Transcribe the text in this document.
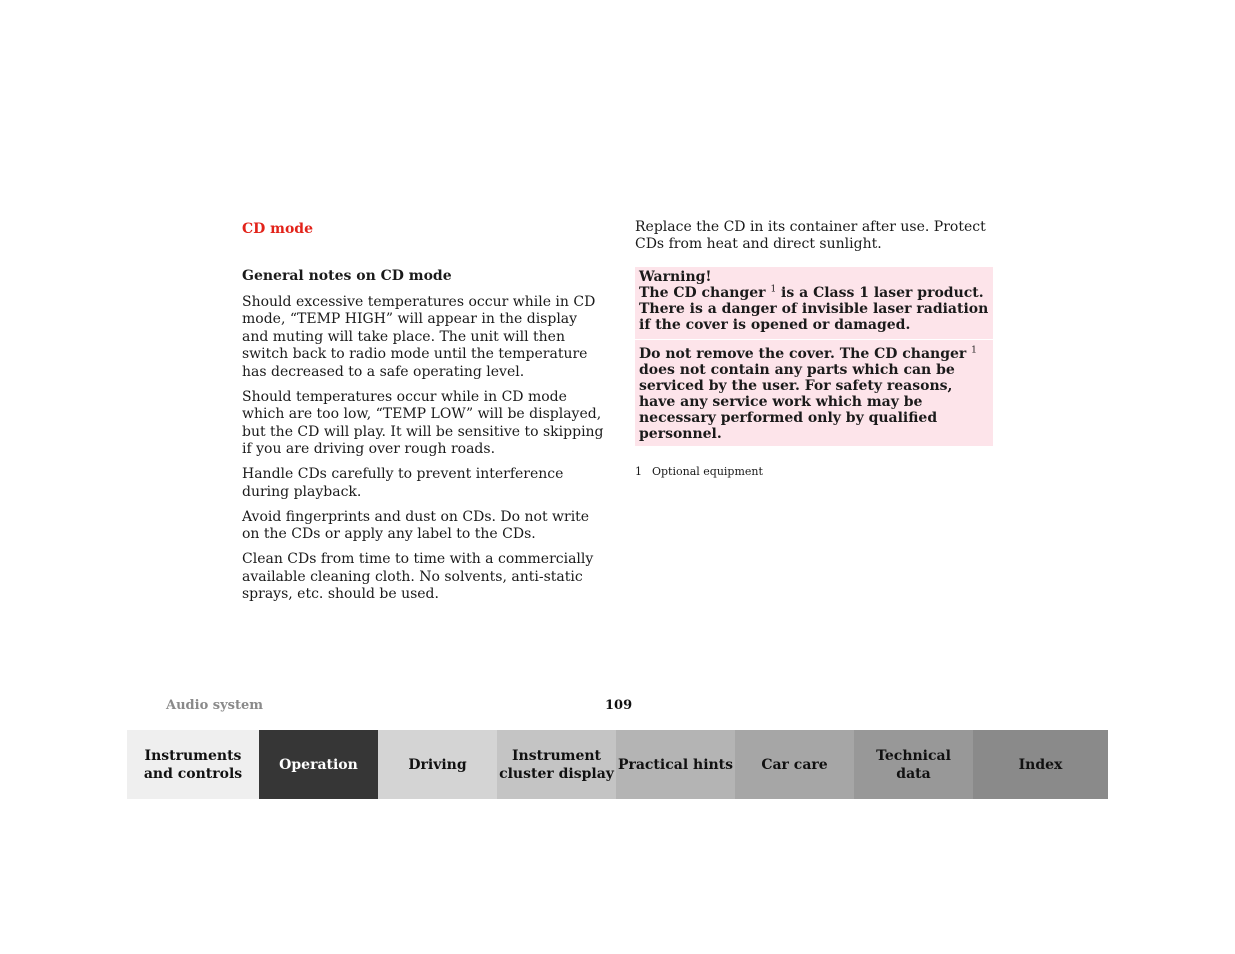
CD mode
General notes on CD mode

Should excessive temperatures occur while in CD mode, “TEMP HIGH” will appear in the display and muting will take place. The unit will then switch back to radio mode until the temperature has decreased to a safe operating level.

Should temperatures occur while in CD mode which are too low, “TEMP LOW” will be displayed, but the CD will play. It will be sensitive to skipping if you are driving over rough roads.

Handle CDs carefully to prevent interference during playback.

Avoid fingerprints and dust on CDs. Do not write on the CDs or apply any label to the CDs.

Clean CDs from time to time with a commercially available cleaning cloth. No solvents, anti-static sprays, etc. should be used.

Replace the CD in its container after use. Protect CDs from heat and direct sunlight.

Warning!

The CD changer $^1$ is a Class 1 laser product. There is a danger of invisible laser radiation if the cover is opened or damaged.

Do not remove the cover. The CD changer $^1$ does not contain any parts which can be serviced by the user. For safety reasons, have any service work which may be necessary performed only by qualified personnel.

1 Optional equipment
Audio system	109
Instruments
and controls
Operation	Driving
Instrument
cluster display
Practical hints	Car care
Technical
data
Index
